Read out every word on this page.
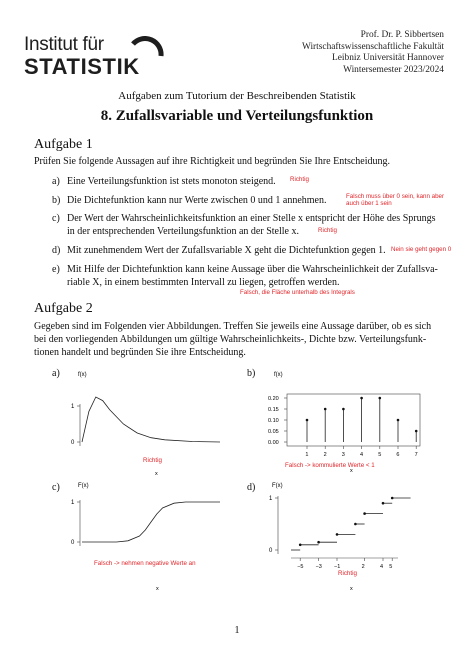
Institut für
STATISTIK
Prof. Dr. P. Sibbertsen
Wirtschaftswissenschaftliche Fakultät
Leibniz Universität Hannover
Wintersemester 2023/2024
Aufgaben zum Tutorium der Beschreibenden Statistik
8. Zufallsvariable und Verteilungsfunktion
Aufgabe 1
Prüfen Sie folgende Aussagen auf ihre Richtigkeit und begründen Sie Ihre Entscheidung.
a) Eine Verteilungsfunktion ist stets monoton steigend. Richtig
b) Die Dichtefunktion kann nur Werte zwischen 0 und 1 annehmen.	Falsch muss über 0 sein, kann aber auch über 1 sein
c) Der Wert der Wahrscheinlichkeitsfunktion an einer Stelle x entspricht der Höhe des Sprungs
in der entsprechenden Verteilungsfunktion an der Stelle x.	Richtig
d) Mit zunehmendem Wert der Zufallsvariable X geht die Dichtefunktion gegen 1. Nein sie geht gegen 0
e) Mit Hilfe der Dichtefunktion kann keine Aussage über die Wahrscheinlichkeit der Zufallsva-
riable X, in einem bestimmten Intervall zu liegen, getroffen werden.
Falsch, die Fläche unterhalb des Integrals
Aufgabe 2
Gegeben sind im Folgenden vier Abbildungen. Treffen Sie jeweils eine Aussage darüber, ob es sich
bei den vorliegenden Abbildungen um gültige Wahrscheinlichkeits-, Dichte bzw. Verteilungsfunk-
tionen handelt und begründen Sie ihre Entscheidung.
a)	b)
c)	d)
f(x)
1
0
x
Richtig
f(x)
0.20
0.15
0.10
0.05
0.00
1	2	3	4	5	6	7
x
Falsch -> kommulierte Werte < 1
F(x)
1
0
x
Falsch -> nehmen negative Werte an
F(x)
1
0
−5 −3 −1	2	4 5
x
Richtig
1
